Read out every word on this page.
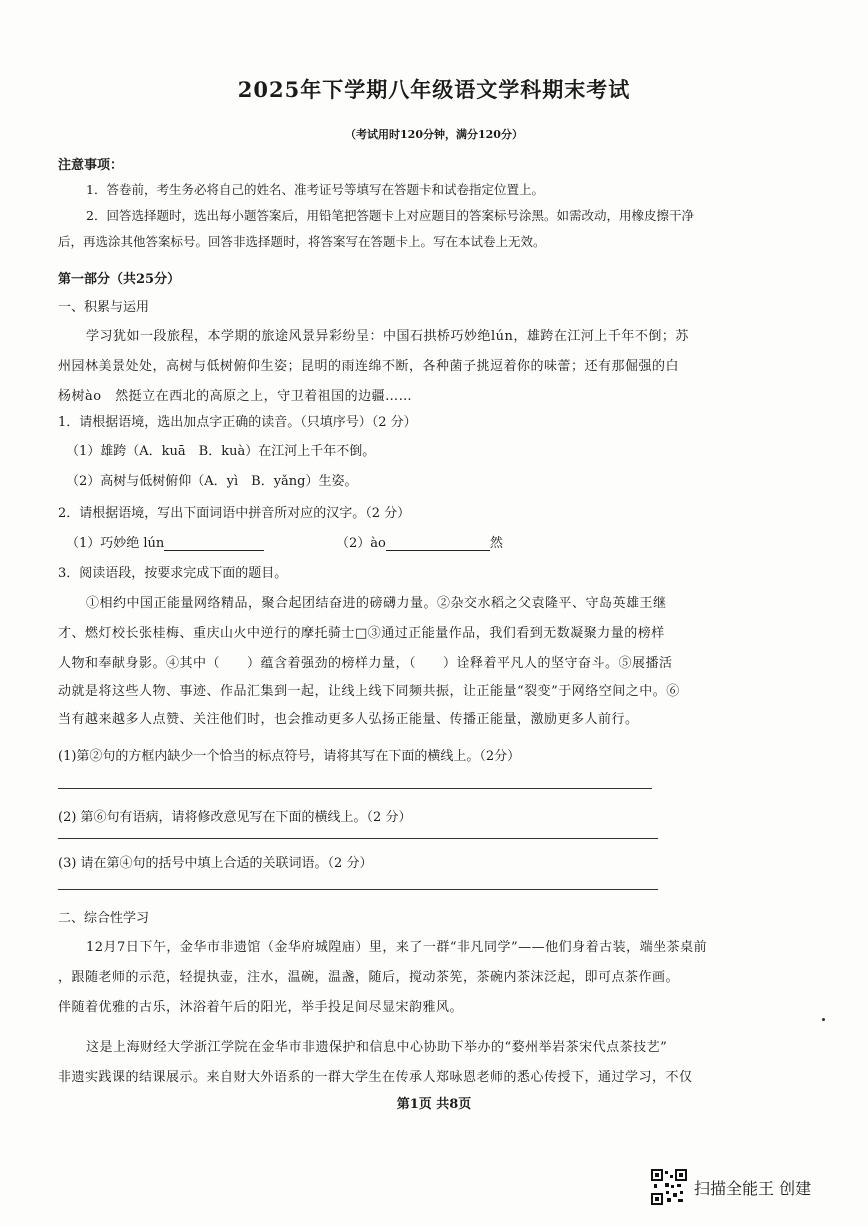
2025年下学期八年级语文学科期末考试
（考试用时120分钟，满分120分）
注意事项：
1．答卷前，考生务必将自己的姓名、准考证号等填写在答题卡和试卷指定位置上。
2．回答选择题时，选出每小题答案后，用铅笔把答题卡上对应题目的答案标号涂黑。如需改动，用橡皮擦干净
后，再选涂其他答案标号。回答非选择题时，将答案写在答题卡上。写在本试卷上无效。
第一部分（共25分）
一、积累与运用
学习犹如一段旅程，本学期的旅途风景异彩纷呈：中国石拱桥巧妙绝lún，雄跨在江河上千年不倒；苏
州园林美景处处，高树与低树俯仰生姿；昆明的雨连绵不断，各种菌子挑逗着你的味蕾；还有那倔强的白
杨树ào　然挺立在西北的高原之上，守卫着祖国的边疆……
1．请根据语境，选出加点字正确的读音。（只填序号）（2 分）
（1）雄跨（A．kuā　B．kuà）在江河上千年不倒。
（2）高树与低树俯仰（A．yì　B．yǎng）生姿。
2．请根据语境，写出下面词语中拼音所对应的汉字。（2 分）
（1）巧妙绝 lún	（2）ào	然
3．阅读语段，按要求完成下面的题目。
①相约中国正能量网络精品，聚合起团结奋进的磅礴力量。②杂交水稻之父袁隆平、守岛英雄王继
才、燃灯校长张桂梅、重庆山火中逆行的摩托骑士□③通过正能量作品，我们看到无数凝聚力量的榜样
人物和奉献身影。④其中（　　）蕴含着强劲的榜样力量，（　　）诠释着平凡人的坚守奋斗。⑤展播活
动就是将这些人物、事迹、作品汇集到一起，让线上线下同频共振，让正能量“裂变”于网络空间之中。⑥
当有越来越多人点赞、关注他们时，也会推动更多人弘扬正能量、传播正能量，激励更多人前行。
(1)第②句的方框内缺少一个恰当的标点符号，请将其写在下面的横线上。（2分）
(2) 第⑥句有语病，请将修改意见写在下面的横线上。（2 分）
(3) 请在第④句的括号中填上合适的关联词语。（2 分）
二、综合性学习
12月7日下午，金华市非遗馆（金华府城隍庙）里，来了一群“非凡同学”——他们身着古装，端坐茶桌前
，跟随老师的示范，轻提执壶，注水，温碗，温盏，随后，搅动茶筅，茶碗内茶沫泛起，即可点茶作画。
伴随着优雅的古乐，沐浴着午后的阳光，举手投足间尽显宋韵雅风。
这是上海财经大学浙江学院在金华市非遗保护和信息中心协助下举办的“婺州举岩茶宋代点茶技艺”
非遗实践课的结课展示。来自财大外语系的一群大学生在传承人郑咏恩老师的悉心传授下，通过学习，不仅
第1页 共8页
扫描全能王 创建
